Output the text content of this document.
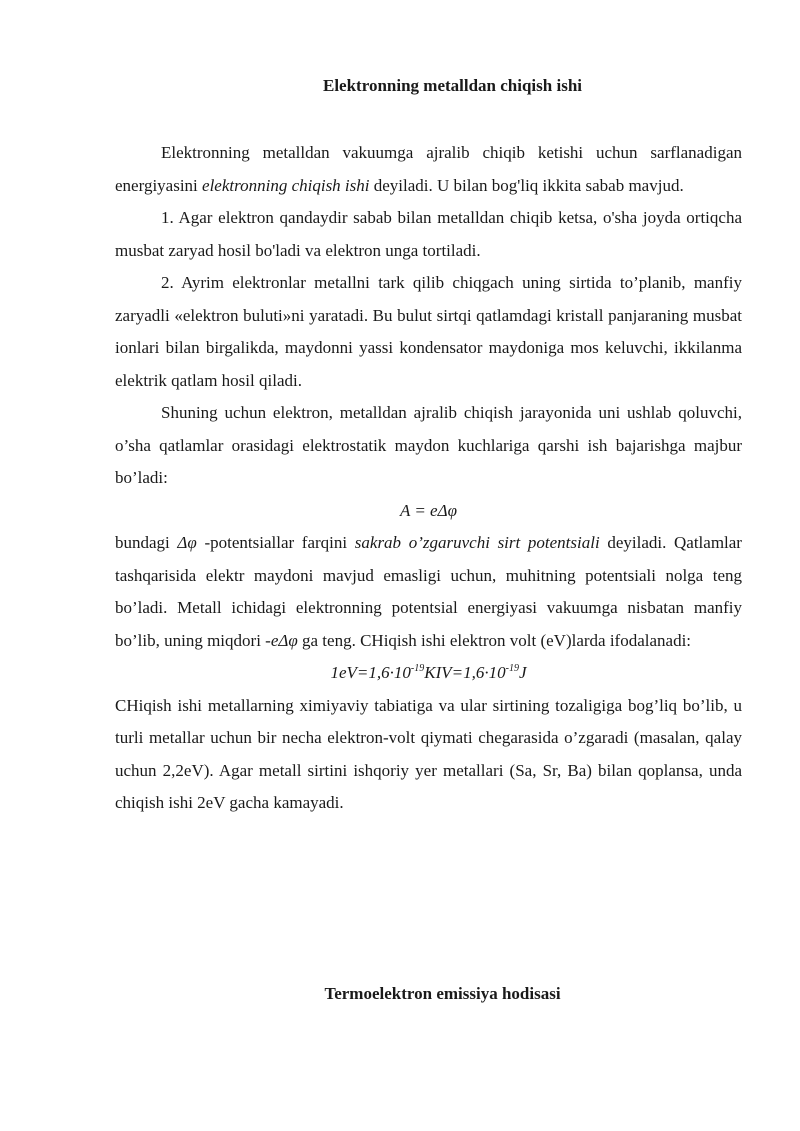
Elektronning metalldan chiqish ishi

Elektronning metalldan vakuumga ajralib chiqib ketishi uchun sarflanadigan energiyasini elektronning chiqish ishi deyiladi. U bilan bog'liq ikkita sabab mavjud.

1. Agar elektron qandaydir sabab bilan metalldan chiqib ketsa, o'sha joyda ortiqcha musbat zaryad hosil bo'ladi va elektron unga tortiladi.

2. Ayrim elektronlar metallni tark qilib chiqgach uning sirtida to’planib, manfiy zaryadli «elektron buluti»ni yaratadi. Bu bulut sirtqi qatlamdagi kristall panjaraning musbat ionlari bilan birgalikda, maydonni yassi kondensator maydoniga mos keluvchi, ikkilanma elektrik qatlam hosil qiladi.

Shuning uchun elektron, metalldan ajralib chiqish jarayonida uni ushlab qoluvchi, o’sha qatlamlar orasidagi elektrostatik maydon kuchlariga qarshi ish bajarishga majbur bo’ladi:

A = eΔφ

bundagi Δφ -potentsiallar farqini sakrab o’zgaruvchi sirt potentsiali deyiladi. Qatlamlar tashqarisida elektr maydoni mavjud emasligi uchun, muhitning potentsiali nolga teng bo’ladi. Metall ichidagi elektronning potentsial energiyasi vakuumga nisbatan manfiy bo’lib, uning miqdori -eΔφ ga teng. CHiqish ishi elektron volt (eV)larda ifodalanadi:

$1eV=1,6\cdot 10^{-19}KIV=1,6\cdot 10^{-19}J$

CHiqish ishi metallarning ximiyaviy tabiatiga va ular sirtining tozaligiga bog’liq bo’lib, u turli metallar uchun bir necha elektron-volt qiymati chegarasida o’zgaradi (masalan, qalay uchun 2,2eV). Agar metall sirtini ishqoriy yer metallari (Sa, Sr, Ba) bilan qoplansa, unda chiqish ishi 2eV gacha kamayadi.

Termoelektron emissiya hodisasi
